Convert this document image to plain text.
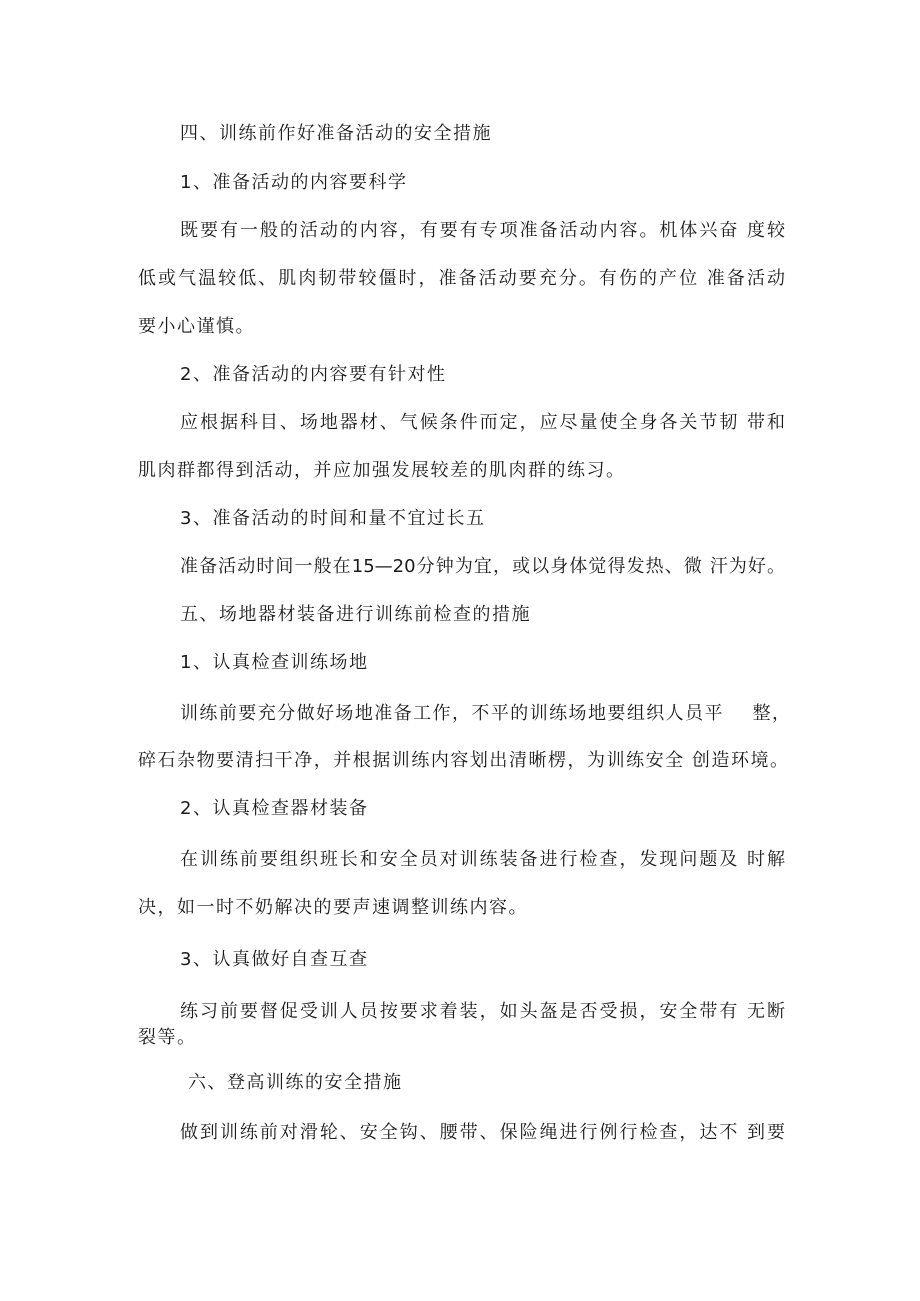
四、训练前作好准备活动的安全措施
1、准备活动的内容要科学
既要有一般的活动的内容，有要有专项准备活动内容。机体兴奋 度较
低或气温较低、肌肉韧带较僵时，准备活动要充分。有伤的产位 准备活动
要小心谨慎。
2、准备活动的内容要有针对性
应根据科目、场地器材、气候条件而定，应尽量使全身各关节韧 带和
肌肉群都得到活动，并应加强发展较差的肌肉群的练习。
3、准备活动的时间和量不宜过长五
准备活动时间一般在15—20分钟为宜，或以身体觉得发热、微 汗为好。
五、场地器材装备进行训练前检查的措施
1、认真检查训练场地
训练前要充分做好场地准备工作，不平的训练场地要组织人员平    整，
碎石杂物要清扫干净，并根据训练内容划出清晰楞，为训练安全 创造环境。
2、认真检查器材装备
在训练前要组织班长和安全员对训练装备进行检查，发现问题及 时解
决，如一时不奶解决的要声速调整训练内容。
3、认真做好自查互查
练习前要督促受训人员按要求着装，如头盔是否受损，安全带有 无断
裂等。
六、登高训练的安全措施
做到训练前对滑轮、安全钩、腰带、保险绳进行例行检查，达不 到要
